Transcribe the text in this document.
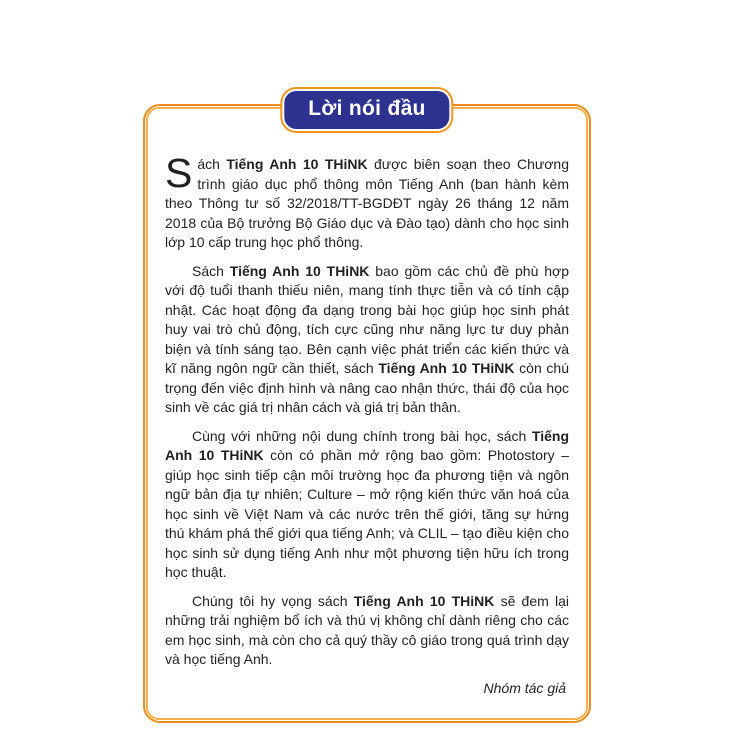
Lời nói đầu

Sách Tiếng Anh 10 THiNK được biên soạn theo Chương trình giáo dục phổ thông môn Tiếng Anh (ban hành kèm theo Thông tư số 32/2018/TT-BGDĐT ngày 26 tháng 12 năm 2018 của Bộ trưởng Bộ Giáo dục và Đào tạo) dành cho học sinh lớp 10 cấp trung học phổ thông.

Sách Tiếng Anh 10 THiNK bao gồm các chủ đề phù hợp với độ tuổi thanh thiếu niên, mang tính thực tiễn và có tính cập nhật. Các hoạt động đa dạng trong bài học giúp học sinh phát huy vai trò chủ động, tích cực cũng như năng lực tư duy phản biện và tính sáng tạo. Bên cạnh việc phát triển các kiến thức và kĩ năng ngôn ngữ cần thiết, sách Tiếng Anh 10 THiNK còn chú trọng đến việc định hình và nâng cao nhận thức, thái độ của học sinh về các giá trị nhân cách và giá trị bản thân.

Cùng với những nội dung chính trong bài học, sách Tiếng Anh 10 THiNK còn có phần mở rộng bao gồm: Photostory – giúp học sinh tiếp cận môi trường học đa phương tiện và ngôn ngữ bản địa tự nhiên; Culture – mở rộng kiến thức văn hoá của học sinh về Việt Nam và các nước trên thế giới, tăng sự hứng thú khám phá thế giới qua tiếng Anh; và CLIL – tạo điều kiện cho học sinh sử dụng tiếng Anh như một phương tiện hữu ích trong học thuật.

Chúng tôi hy vọng sách Tiếng Anh 10 THiNK sẽ đem lại những trải nghiệm bổ ích và thú vị không chỉ dành riêng cho các em học sinh, mà còn cho cả quý thầy cô giáo trong quá trình dạy và học tiếng Anh.

Nhóm tác giả
